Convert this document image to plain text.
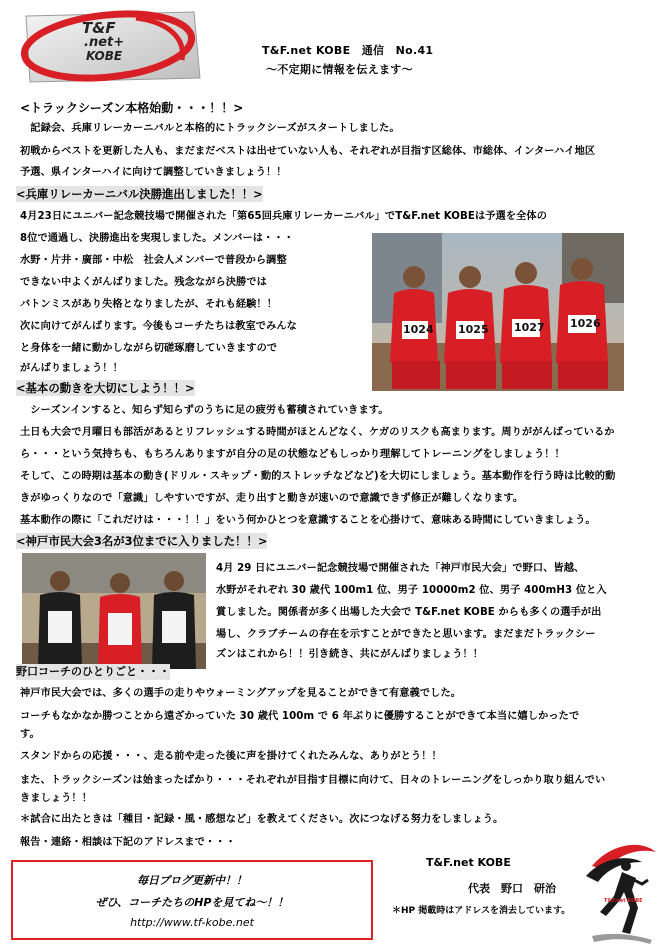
T&F
.net+
KOBE	T&F.net KOBE　通信　No.41
～不定期に情報を伝えます～
<トラックシーズン本格始動・・・！！>
　記録会、兵庫リレーカーニバルと本格的にトラックシーズがスタートしました。
初戦からベストを更新した人も、まだまだベストは出せていない人も、それぞれが目指す区総体、市総体、インターハイ地区
予選、県インターハイに向けて調整していきましょう！！
<兵庫リレーカーニバル決勝進出しました！！>
4月23日にユニバー記念競技場で開催された「第65回兵庫リレーカーニバル」でT&F.net KOBEは予選を全体の
8位で通過し、決勝進出を実現しました。メンバーは・・・
水野・片井・廣部・中松　社会人メンバーで普段から調整
できない中よくがんばりました。残念ながら決勝では
バトンミスがあり失格となりましたが、それも経験！！
次に向けてがんばります。今後もコーチたちは教室でみんな
と身体を一緒に動かしながら切磋琢磨していきますので
がんばりましょう！！
1024 1025 1027 1026
<基本の動きを大切にしよう！！>
　シーズンインすると、知らず知らずのうちに足の疲労も蓄積されていきます。
土日も大会で月曜日も部活があるとリフレッシュする時間がほとんどなく、ケガのリスクも高まります。周りががんばっているか
ら・・・という気持ちも、もちろんありますが自分の足の状態などもしっかり理解してトレーニングをしましょう！！
そして、この時期は基本の動き(ドリル・スキップ・動的ストレッチなどなど)を大切にしましょう。基本動作を行う時は比較的動
きがゆっくりなので「意識」しやすいですが、走り出すと動きが速いので意識できず修正が難しくなります。
基本動作の際に「これだけは・・・！！」をいう何かひとつを意識することを心掛けて、意味ある時間にしていきましょう。
<神戸市民大会3名が3位までに入りました！！>
4月 29 日にユニバー記念競技場で開催された「神戸市民大会」で野口、皆越、
水野がそれぞれ 30 歳代 100m1 位、男子 10000m2 位、男子 400mH3 位と入
賞しました。関係者が多く出場した大会で T&F.net KOBE からも多くの選手が出
場し、クラブチームの存在を示すことができたと思います。まだまだトラックシー
ズンはこれから！！引き続き、共にがんばりましょう！！
野口コーチのひとりごと・・・
神戸市民大会では、多くの選手の走りやウォーミングアップを見ることができて有意義でした。
コーチもなかなか勝つことから遠ざかっていた 30 歳代 100m で 6 年ぶりに優勝することができて本当に嬉しかったで
す。
スタンドからの応援・・・、走る前や走った後に声を掛けてくれたみんな、ありがとう！！
また、トラックシーズンは始まったばかり・・・それぞれが目指す目標に向けて、日々のトレーニングをしっかり取り組んでい
きましょう！！
＊試合に出たときは「種目・記録・風・感想など」を教えてください。次につなげる努力をしましょう。
報告・連絡・相談は下記のアドレスまで・・・
毎日ブログ更新中！！
ぜひ、コーチたちのHPを見てね～！！
http://www.tf-kobe.net
T&F.net KOBE
代表　野口　研治
＊HP 掲載時はアドレスを消去しています。
T&F.net KOBE
